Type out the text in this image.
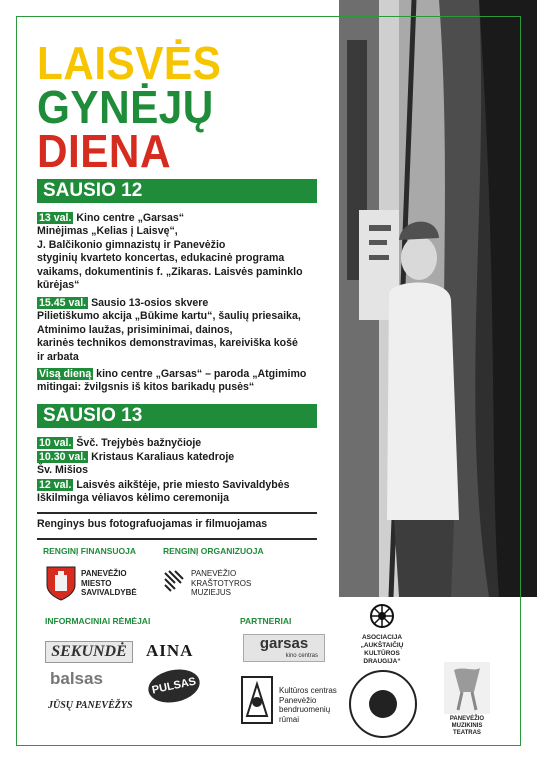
LAISVĖS
GYNĖJŲ
DIENA
SAUSIO 12
13 val. Kino centre „Garsas“
Minėjimas „Kelias į Laisvę“,
J. Balčikonio gimnazistų ir Panevėžio
styginių kvarteto koncertas, edukacinė programa
vaikams, dokumentinis f. „Zikaras. Laisvės paminklo
kūrėjas“
15.45 val. Sausio 13-osios skvere
Pilietiškumo akcija „Būkime kartu“, šaulių priesaika,
Atminimo laužas, prisiminimai, dainos,
karinės technikos demonstravimas, kareiviška košė
ir arbata
Visą dieną kino centre „Garsas“ – paroda „Atgimimo
mitingai: žvilgsnis iš kitos barikadų pusės“
SAUSIO 13
10 val. Švč. Trejybės bažnyčioje
10.30 val. Kristaus Karaliaus katedroje
Šv. Mišios
12 val. Laisvės aikštėje, prie miesto Savivaldybės
Iškilminga vėliavos kėlimo ceremonija
Renginys bus fotografuojamas ir filmuojamas
RENGINĮ FINANSUOJA	RENGINĮ ORGANIZUOJA
PANEVĖŽIO
MIESTO
SAVIVALDYBĖ
PANEVĖŽIO
KRAŠTOTYROS
MUZIEJUS
INFORMACINIAI RĖMĖJAI
SEKUNDĖ	AINA
balsas	PULSAS
JŪSŲ PANEVĖŽYS
PARTNERIAI
garsas
kino centras
ASOCIACIJA
„AUKŠTAIČIŲ KULTŪROS
DRAUGIJA“
Kultūros centras
Panevėžio
bendruomenių
rūmai	PANEVĖŽIO
MUZIKINIS
TEATRAS
